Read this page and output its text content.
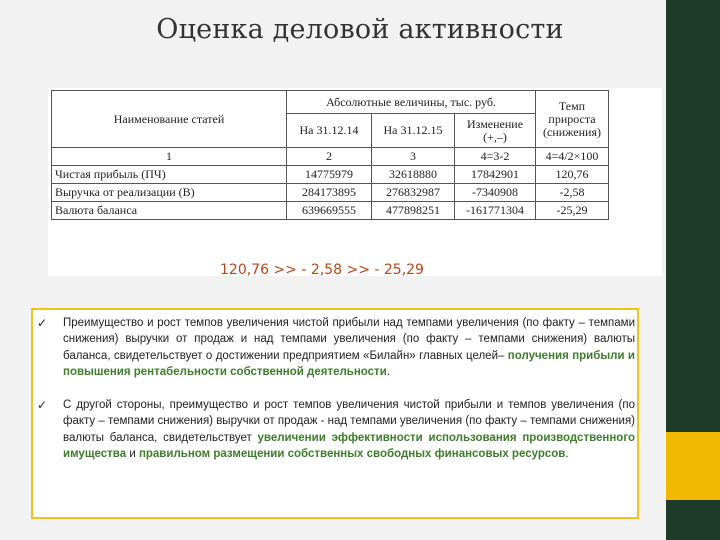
Оценка деловой активности
Наименование статей	Абсолютные величины, тыс. руб.			Темп прироста (снижения)
	На 31.12.14	На 31.12.15	Изменение (+,–)	
1	2	3	4=3-2	4=4/2×100
Чистая прибыль (ПЧ)	14775979	32618880	17842901	120,76
Выручка от реализации (В)	284173895	276832987	-7340908	-2,58
Валюта баланса	639669555	477898251	-161771304	-25,29
120,76 >> - 2,58 >> - 25,29
✓ Преимущество и рост темпов увеличения чистой прибыли над темпами увеличения (по факту – темпами снижения) выручки от продаж и над темпами увеличения (по факту – темпами снижения) валюты баланса, свидетельствует о достижении предприятием «Билайн» главных целей– получения прибыли и повышения рентабельности собственной деятельности.
✓ С другой стороны, преимущество и рост темпов увеличения чистой прибыли и темпов увеличения (по факту – темпами снижения) выручки от продаж - над темпами увеличения (по факту – темпами снижения) валюты баланса, свидетельствует увеличении эффективности использования производственного имущества и правильном размещении собственных свободных финансовых ресурсов.
